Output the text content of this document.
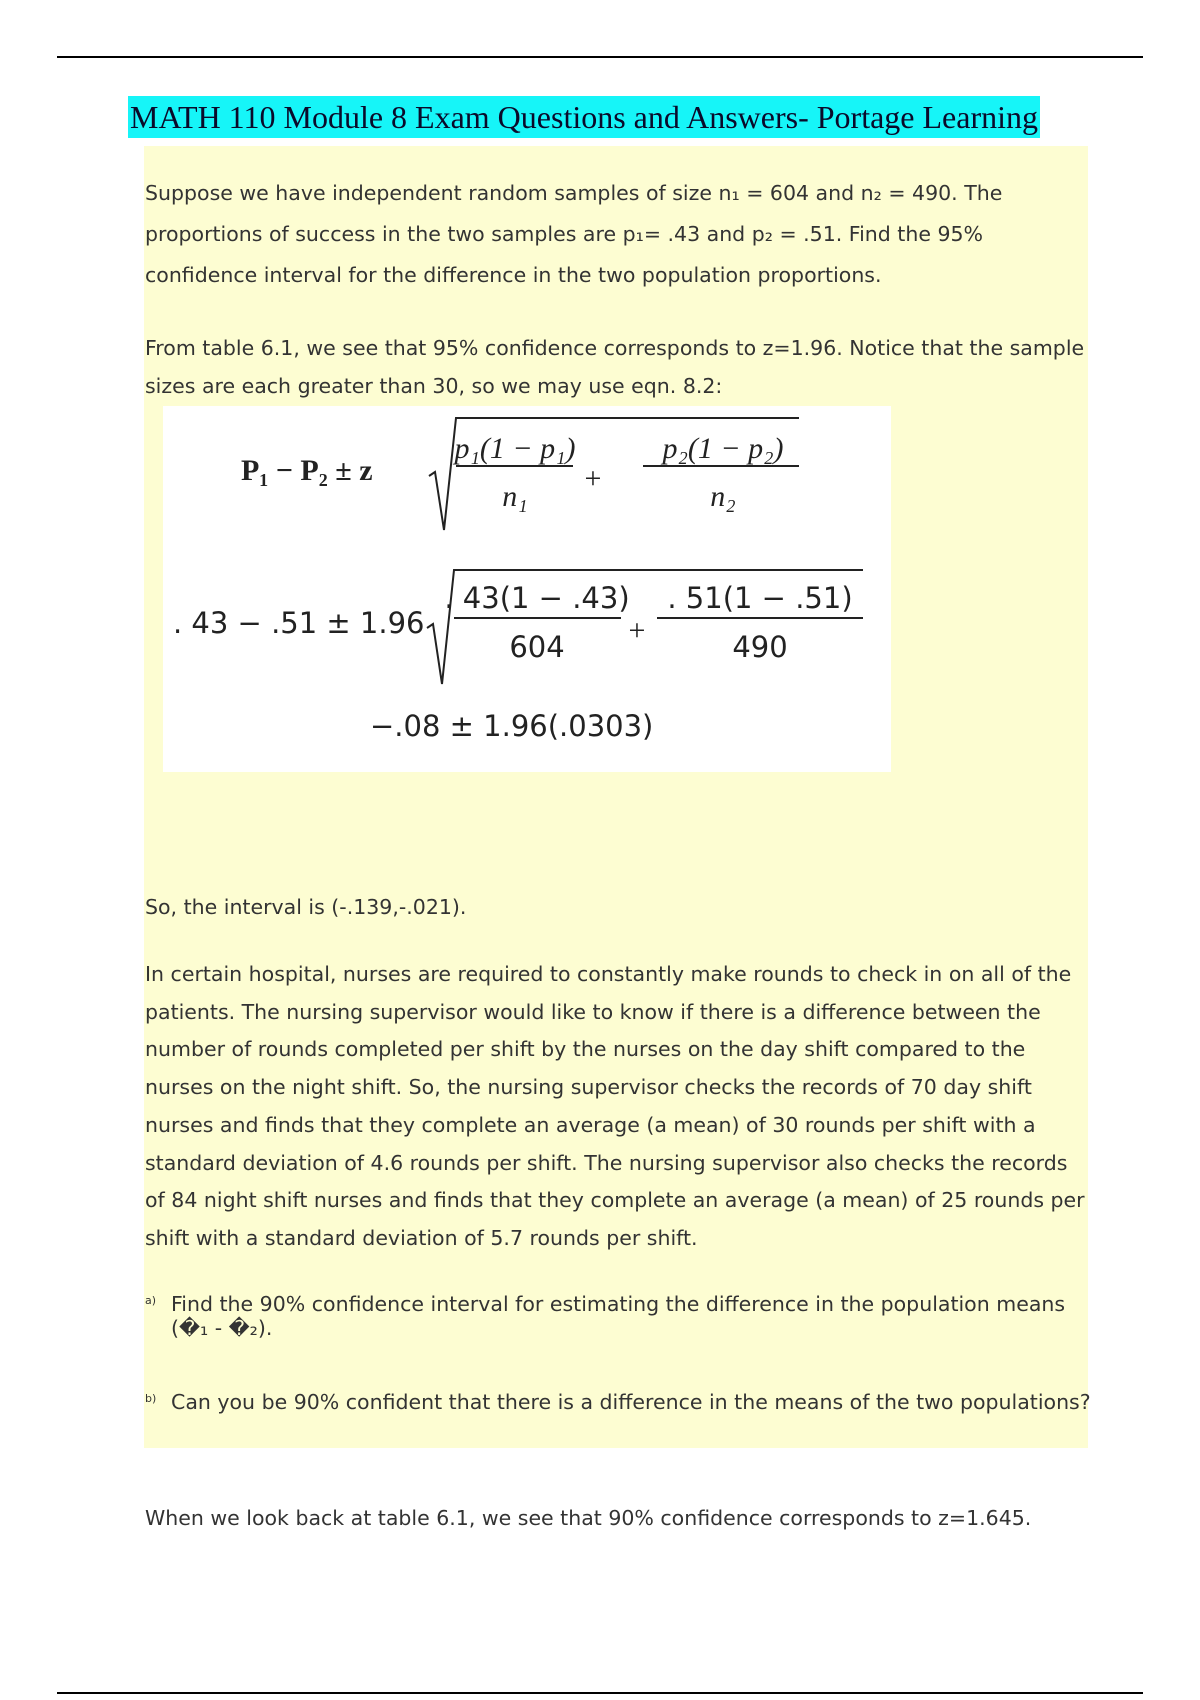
MATH 110 Module 8 Exam Questions and Answers- Portage Learning

Suppose we have independent random samples of size n₁ = 604 and n₂ = 490. The proportions of success in the two samples are p₁= .43 and p₂ = .51. Find the 95% confidence interval for the difference in the two population proportions.

From table 6.1, we see that 95% confidence corresponds to z=1.96. Notice that the sample sizes are each greater than 30, so we may use eqn. 8.2:

P₁ − P₂ ± z
p₁(1 − p₁)
n₁
+
p₂(1 − p₂)
n₂
. 43 − .51 ± 1.96
. 43(1 − .43)
604 +
. 51(1 − .51)
490
−.08 ± 1.96(.0303)

So, the interval is (-.139,-.021).

In certain hospital, nurses are required to constantly make rounds to check in on all of the patients. The nursing supervisor would like to know if there is a difference between the number of rounds completed per shift by the nurses on the day shift compared to the nurses on the night shift. So, the nursing supervisor checks the records of 70 day shift nurses and finds that they complete an average (a mean) of 30 rounds per shift with a standard deviation of 4.6 rounds per shift. The nursing supervisor also checks the records of 84 night shift nurses and finds that they complete an average (a mean) of 25 rounds per shift with a standard deviation of 5.7 rounds per shift.

a) Find the 90% confidence interval for estimating the difference in the population means (�₁ - �₂).
b) Can you be 90% confident that there is a difference in the means of the two populations?

When we look back at table 6.1, we see that 90% confidence corresponds to z=1.645.
